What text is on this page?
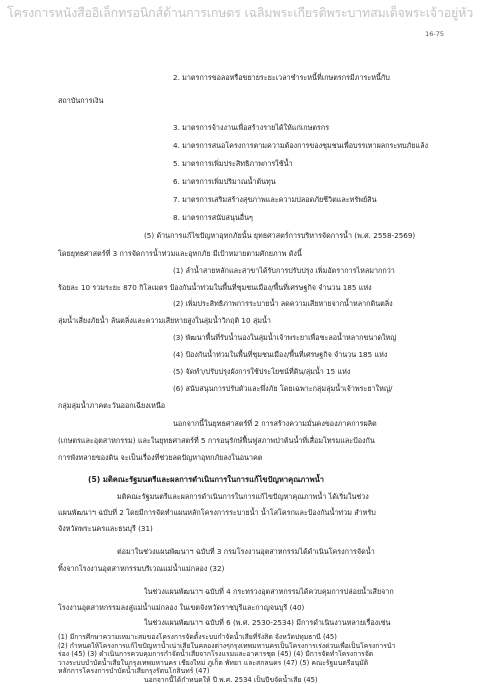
โครงการหนังสืออิเล็กทรอนิกส์ด้านการเกษตร เฉลิมพระเกียรติพระบาทสมเด็จพระเจ้าอยู่หัว
16-75
2. มาตรการขอลอหรือขยายระยะเวลาชำระหนี้ที่เกษตรกรมีภาระหนี้กับ
สถาบันการเงิน
3. มาตรการจ้างงานเพื่อสร้างรายได้ให้แก่เกษตรกร
4. มาตรการสนอโครงการตามความต้องการของชุมชนเพื่อบรรเทาผลกระทบภัยแล้ง
5. มาตรการเพิ่มประสิทธิภาพการใช้น้ำ
6. มาตรการเพิ่มปริมาณน้ำต้นทุน
7. มาตรการเสริมสร้างสุขภาพและความปลอดภัยชีวิตและทรัพย์สิน
8. มาตรการสนับสนุนอื่นๆ
(5) ด้านการแก้ไขปัญหาอุทกภัยนั้น ยุทธศาสตร์การบริหารจัดการน้ำ (พ.ศ. 2558-2569)
โดยยุทธศาสตร์ที่ 3 การจัดการน้ำท่วมและอุทกภัย มีเป้าหมายตามศักยภาพ ดังนี้
(1) ลำน้ำสายหลักและสาขาได้รับการปรับปรุง เพิ่มอัตราการไหลมากกว่า
ร้อยละ 10 รวมระยะ 870 กิโลเมตร ป้องกันน้ำท่วมในพื้นที่ชุมชนเมือง/พื้นที่เศรษฐกิจ จำนวน 185 แห่ง
(2) เพิ่มประสิทธิภาพการระบายน้ำ ลดความเสียหายจากน้ำหลากดินตลิ่ง
ลุ่มน้ำเสี่ยงภัยน้ำ ล้นตลิ่งและความเสียหายสูงในลุ่มน้ำวิกฤติ 10 ลุ่มน้ำ
(3) พัฒนาพื้นที่รับน้ำนองในลุ่มน้ำเจ้าพระยาเพื่อชะลอน้ำหลากขนาดใหญ่
(4) ป้องกันน้ำท่วมในพื้นที่ชุมชนเมือง/พื้นที่เศรษฐกิจ จำนวน 185 แห่ง
(5) จัดทำ/ปรับปรุงผังการใช้ประโยชน์ที่ดิน/ลุ่มน้ำ 15 แห่ง
(6) สนับสนุนการปรับตัวและพึ่งภัย โดยเฉพาะกลุ่มลุ่มน้ำเจ้าพระยาใหญ่/
กลุ่มลุ่มน้ำภาคตะวันออกเฉียงเหนือ
นอกจากนี้ในยุทธศาสตร์ที่ 2 การสร้างความมั่นคงของภาคการผลิต
(เกษตรและอุตสาหกรรม) และในยุทธศาสตร์ที่ 5 การอนุรักษ์ฟื้นฟูสภาพป่าต้นน้ำที่เสื่อมโทรมและป้องกัน
การพังทลายของดิน จะเป็นเรื่องที่ช่วยลดปัญหาอุทกภัยลงในอนาคต
(5) มติคณะรัฐมนตรีและผลการดำเนินการในการแก้ไขปัญหาคุณภาพน้ำ
มติคณะรัฐมนตรีและผลการดำเนินการในการแก้ไขปัญหาคุณภาพน้ำ ได้เริ่มในช่วง
แผนพัฒนาฯ ฉบับที่ 2 โดยมีการจัดทำแผนหลักโครงการระบายน้ำ น้ำโสโครกและป้องกันน้ำท่วม สำหรับ
จังหวัดพระนครและธนบุรี (31)
ต่อมาในช่วงแผนพัฒนาฯ ฉบับที่ 3 กรมโรงงานอุตสาหกรรมได้ดำเนินโครงการจัดน้ำ
ทิ้งจากโรงงานอุตสาหกรรมบริเวณแม่น้ำแม่กลอง (32)
ในช่วงแผนพัฒนาฯ ฉบับที่ 4 กระทรวงอุตสาหกรรมได้ควบคุมการปล่อยน้ำเสียจาก
โรงงานอุตสาหกรรมลงสู่แม่น้ำแม่กลอง ในเขตจังหวัดราชบุรีและกาญจนบุรี (40)
ในช่วงแผนพัฒนาฯ ฉบับที่ 6 (พ.ศ. 2530-2534) มีการดำเนินงานหลายเรื่องเช่น
(1) มีการศึกษาความเหมาะสมของโครงการจัดตั้งระบบกำจัดน้ำเสียที่รังสิต จังหวัดปทุมธานี (45)
(2) กำหนดให้โครงการแก้ไขปัญหาน้ำเน่าเสียในคลองต่างๆกรุงเทพมหานครเป็นโครงการเร่งด่วนเพื่อเป็นโครงการนำ
ร่อง (45) (3) ดำเนินการควบคุมการกำจัดน้ำเสียจากโรงแรมและอาคารชุด (45) (4) มีการจัดทำโครงการจัด
วางระบบบำบัดน้ำเสียในกรุงเทพมหานคร เชียงใหม่ ภูเก็ต พัทยา และสกลนคร (47) (5) คณะรัฐมนตรีอนุมัติ
หลักการโครงการบำบัดน้ำเสียกรุงรัตนโกสินทร์ (47)
นอกจากนี้ได้กำหนดให้ ปี พ.ศ. 2534 เป็นปีขจัดน้ำเสีย (45)
